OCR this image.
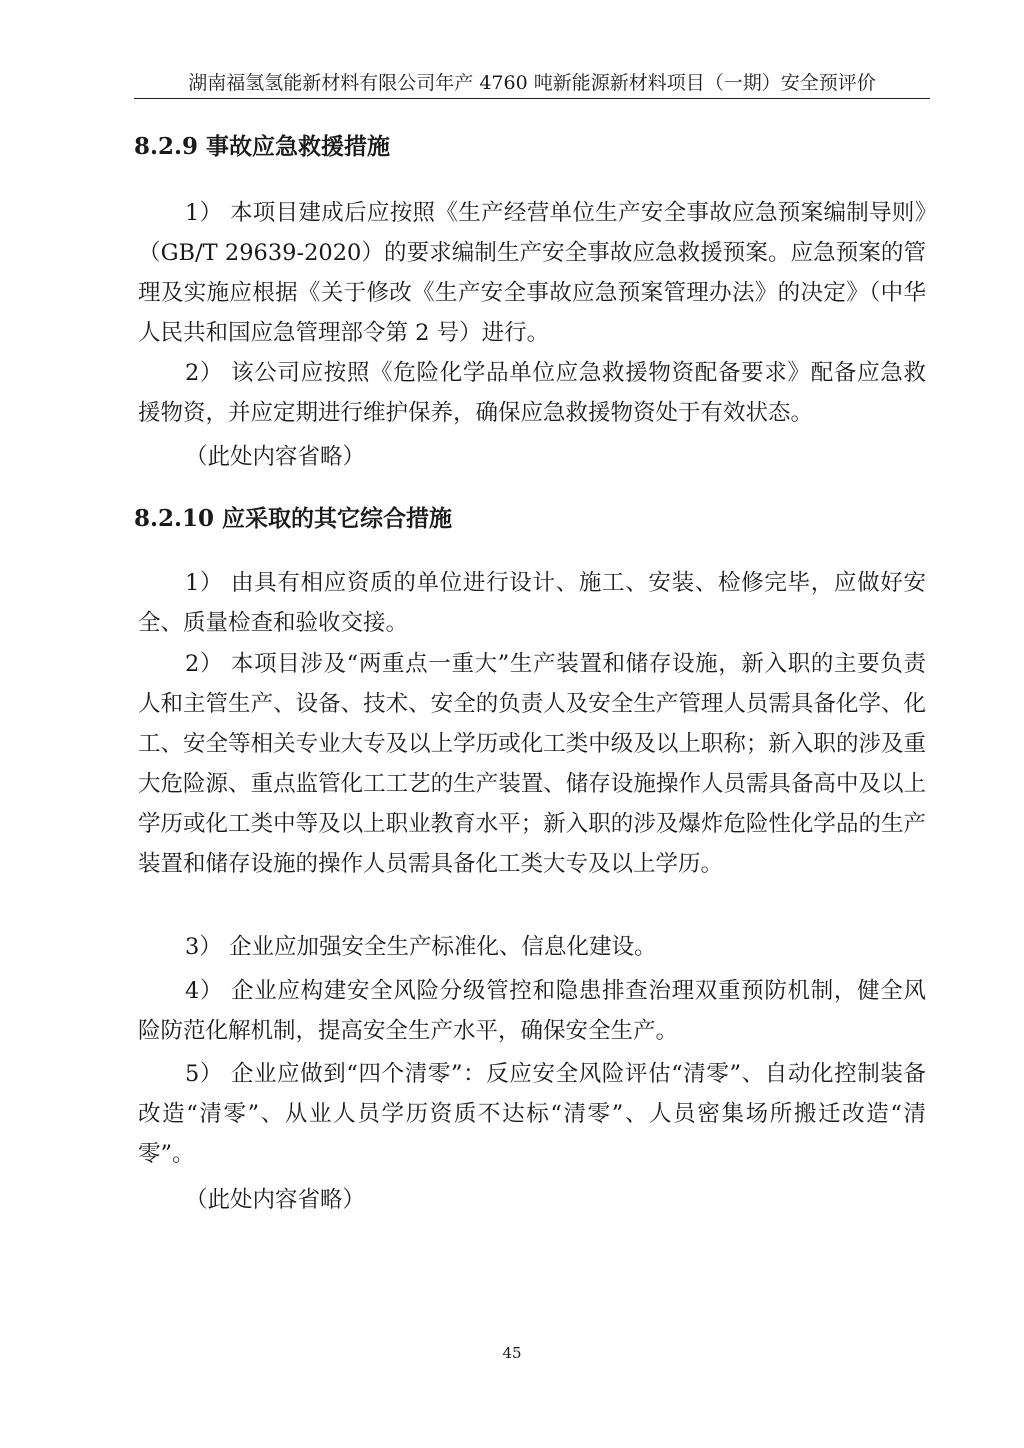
湖南福氢氢能新材料有限公司年产 4760 吨新能源新材料项目（一期）安全预评价
8.2.9 事故应急救援措施

1） 本项目建成后应按照《生产经营单位生产安全事故应急预案编制导则》（GB/T 29639-2020）的要求编制生产安全事故应急救援预案。应急预案的管理及实施应根据《关于修改《生产安全事故应急预案管理办法》的决定》（中华人民共和国应急管理部令第 2 号）进行。

2） 该公司应按照《危险化学品单位应急救援物资配备要求》配备应急救援物资，并应定期进行维护保养，确保应急救援物资处于有效状态。

（此处内容省略）

8.2.10 应采取的其它综合措施

1） 由具有相应资质的单位进行设计、施工、安装、检修完毕，应做好安全、质量检查和验收交接。

2） 本项目涉及“两重点一重大”生产装置和储存设施，新入职的主要负责人和主管生产、设备、技术、安全的负责人及安全生产管理人员需具备化学、化工、安全等相关专业大专及以上学历或化工类中级及以上职称；新入职的涉及重大危险源、重点监管化工工艺的生产装置、储存设施操作人员需具备高中及以上学历或化工类中等及以上职业教育水平；新入职的涉及爆炸危险性化学品的生产装置和储存设施的操作人员需具备化工类大专及以上学历。

3） 企业应加强安全生产标准化、信息化建设。

4） 企业应构建安全风险分级管控和隐患排查治理双重预防机制，健全风险防范化解机制，提高安全生产水平，确保安全生产。

5） 企业应做到“四个清零”：反应安全风险评估“清零”、自动化控制装备改造“清零”、从业人员学历资质不达标“清零”、人员密集场所搬迁改造“清零”。

（此处内容省略）

45
